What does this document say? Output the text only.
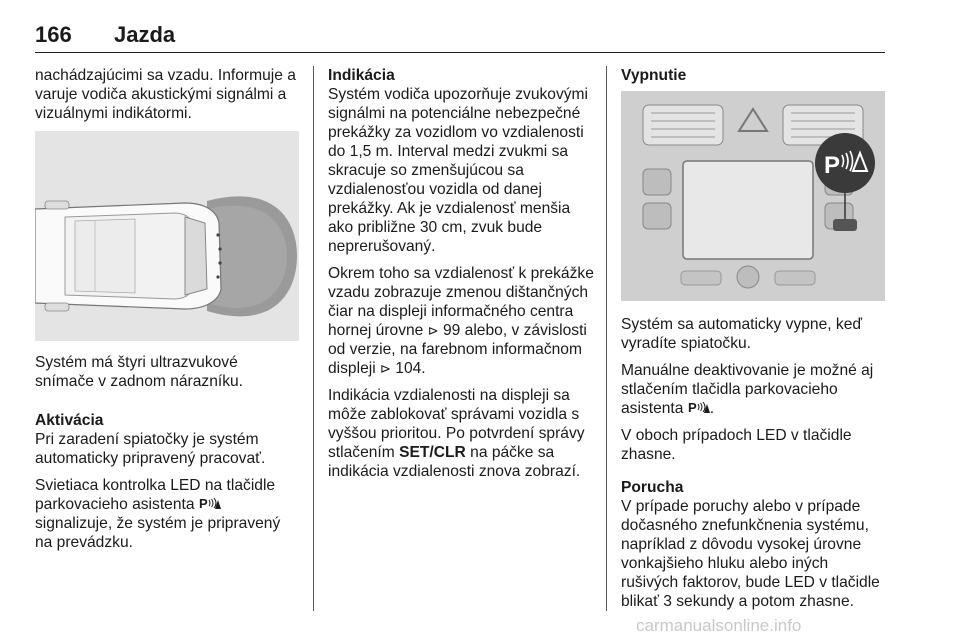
166 Jazda

nachádzajúcimi sa vzadu. Informuje a varuje vodiča akustickými signálmi a vizuálnymi indikátormi.

Systém má štyri ultrazvukové snímače v zadnom nárazníku.

Aktivácia

Pri zaradení spiatočky je systém automaticky pripravený pracovať.

Svietiaca kontrolka LED na tlačidle parkovacieho asistenta P
signalizuje, že systém je pripravený na prevádzku.

Indikácia

Systém vodiča upozorňuje zvukovými signálmi na potenciálne nebezpečné prekážky za vozidlom vo vzdialenosti do 1,5 m. Interval medzi zvukmi sa skracuje so zmenšujúcou sa vzdialenosťou vozidla od danej prekážky. Ak je vzdialenosť menšia ako približne 30 cm, zvuk bude neprerušovaný.

Okrem toho sa vzdialenosť k prekážke vzadu zobrazuje zmenou dištančných čiar na displeji informačného centra hornej úrovne ⊳ 99 alebo, v závislosti od verzie, na farebnom informačnom displeji ⊳ 104.

Indikácia vzdialenosti na displeji sa môže zablokovať správami vozidla s vyššou prioritou. Po potvrdení správy stlačením SET/CLR na páčke sa indikácia vzdialenosti znova zobrazí.

Vypnutie

P

Systém sa automaticky vypne, keď vyradíte spiatočku.

Manuálne deaktivovanie je možné aj stlačením tlačidla parkovacieho asistenta P .

V oboch prípadoch LED v tlačidle zhasne.

Porucha

V prípade poruchy alebo v prípade dočasného znefunkčnenia systému, napríklad z dôvodu vysokej úrovne vonkajšieho hluku alebo iných rušivých faktorov, bude LED v tlačidle blikať 3 sekundy a potom zhasne.

carmanualsonline.info
